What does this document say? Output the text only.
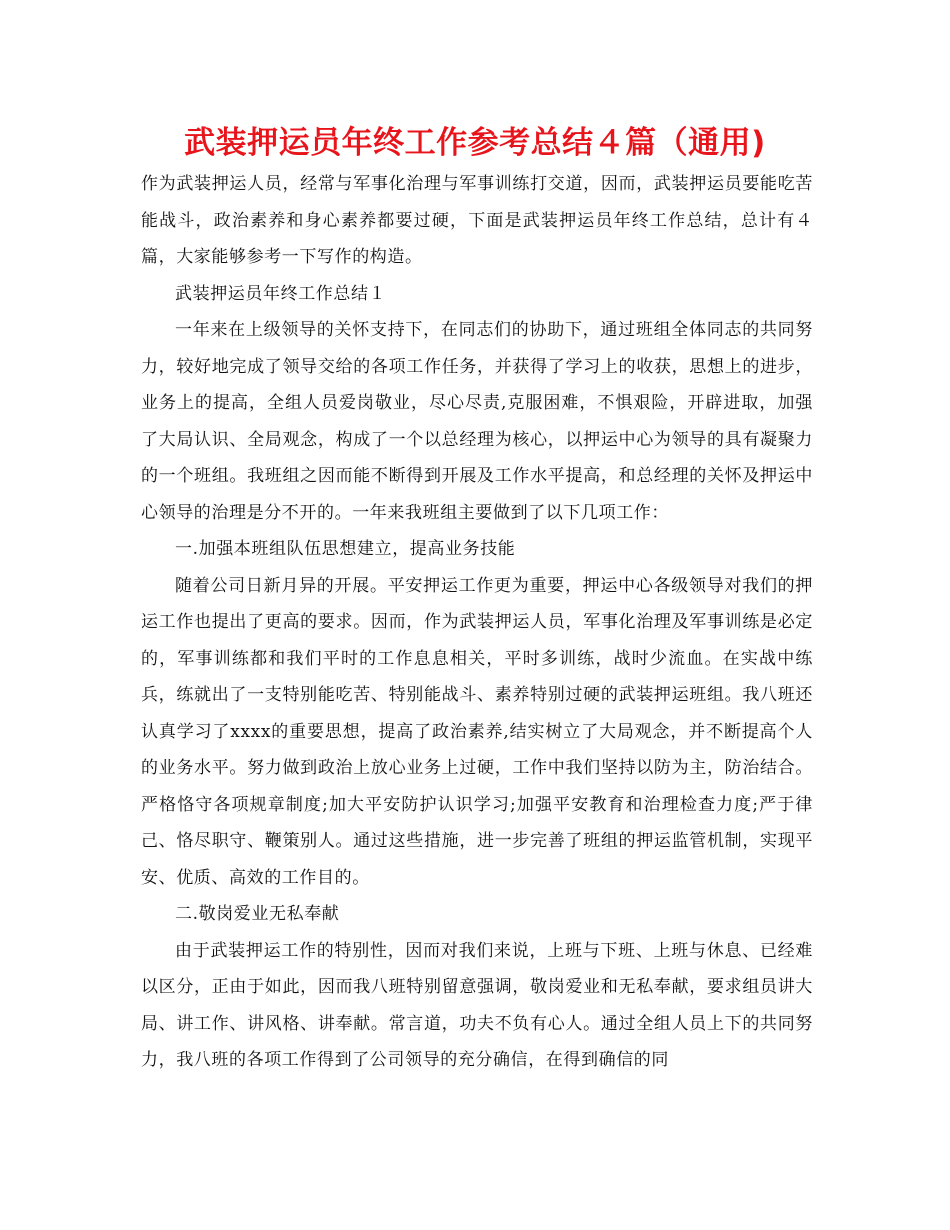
武装押运员年终工作参考总结４篇（通用)

作为武装押运人员，经常与军事化治理与军事训练打交道，因而，武装押运员要能吃苦能战斗，政治素养和身心素养都要过硬，下面是武装押运员年终工作总结，总计有４篇，大家能够参考一下写作的构造。

武装押运员年终工作总结１

一年来在上级领导的关怀支持下，在同志们的协助下，通过班组全体同志的共同努力，较好地完成了领导交给的各项工作任务，并获得了学习上的收获，思想上的进步，业务上的提高，全组人员爱岗敬业，尽心尽责,克服困难，不惧艰险，开辟进取，加强了大局认识、全局观念，构成了一个以总经理为核心，以押运中心为领导的具有凝聚力的一个班组。我班组之因而能不断得到开展及工作水平提高，和总经理的关怀及押运中心领导的治理是分不开的。一年来我班组主要做到了以下几项工作：

一.加强本班组队伍思想建立，提高业务技能

随着公司日新月异的开展。平安押运工作更为重要，押运中心各级领导对我们的押运工作也提出了更高的要求。因而，作为武装押运人员，军事化治理及军事训练是必定的，军事训练都和我们平时的工作息息相关，平时多训练，战时少流血。在实战中练兵，练就出了一支特别能吃苦、特别能战斗、素养特别过硬的武装押运班组。我八班还认真学习了xxxx的重要思想，提高了政治素养,结实树立了大局观念，并不断提高个人的业务水平。努力做到政治上放心业务上过硬，工作中我们坚持以防为主，防治结合。严格恪守各项规章制度;加大平安防护认识学习;加强平安教育和治理检查力度;严于律己、恪尽职守、鞭策别人。通过这些措施，进一步完善了班组的押运监管机制，实现平安、优质、高效的工作目的。

二.敬岗爱业无私奉献

由于武装押运工作的特别性，因而对我们来说，上班与下班、上班与休息、已经难以区分，正由于如此，因而我八班特别留意强调，敬岗爱业和无私奉献，要求组员讲大局、讲工作、讲风格、讲奉献。常言道，功夫不负有心人。通过全组人员上下的共同努力，我八班的各项工作得到了公司领导的充分确信，在得到确信的同
